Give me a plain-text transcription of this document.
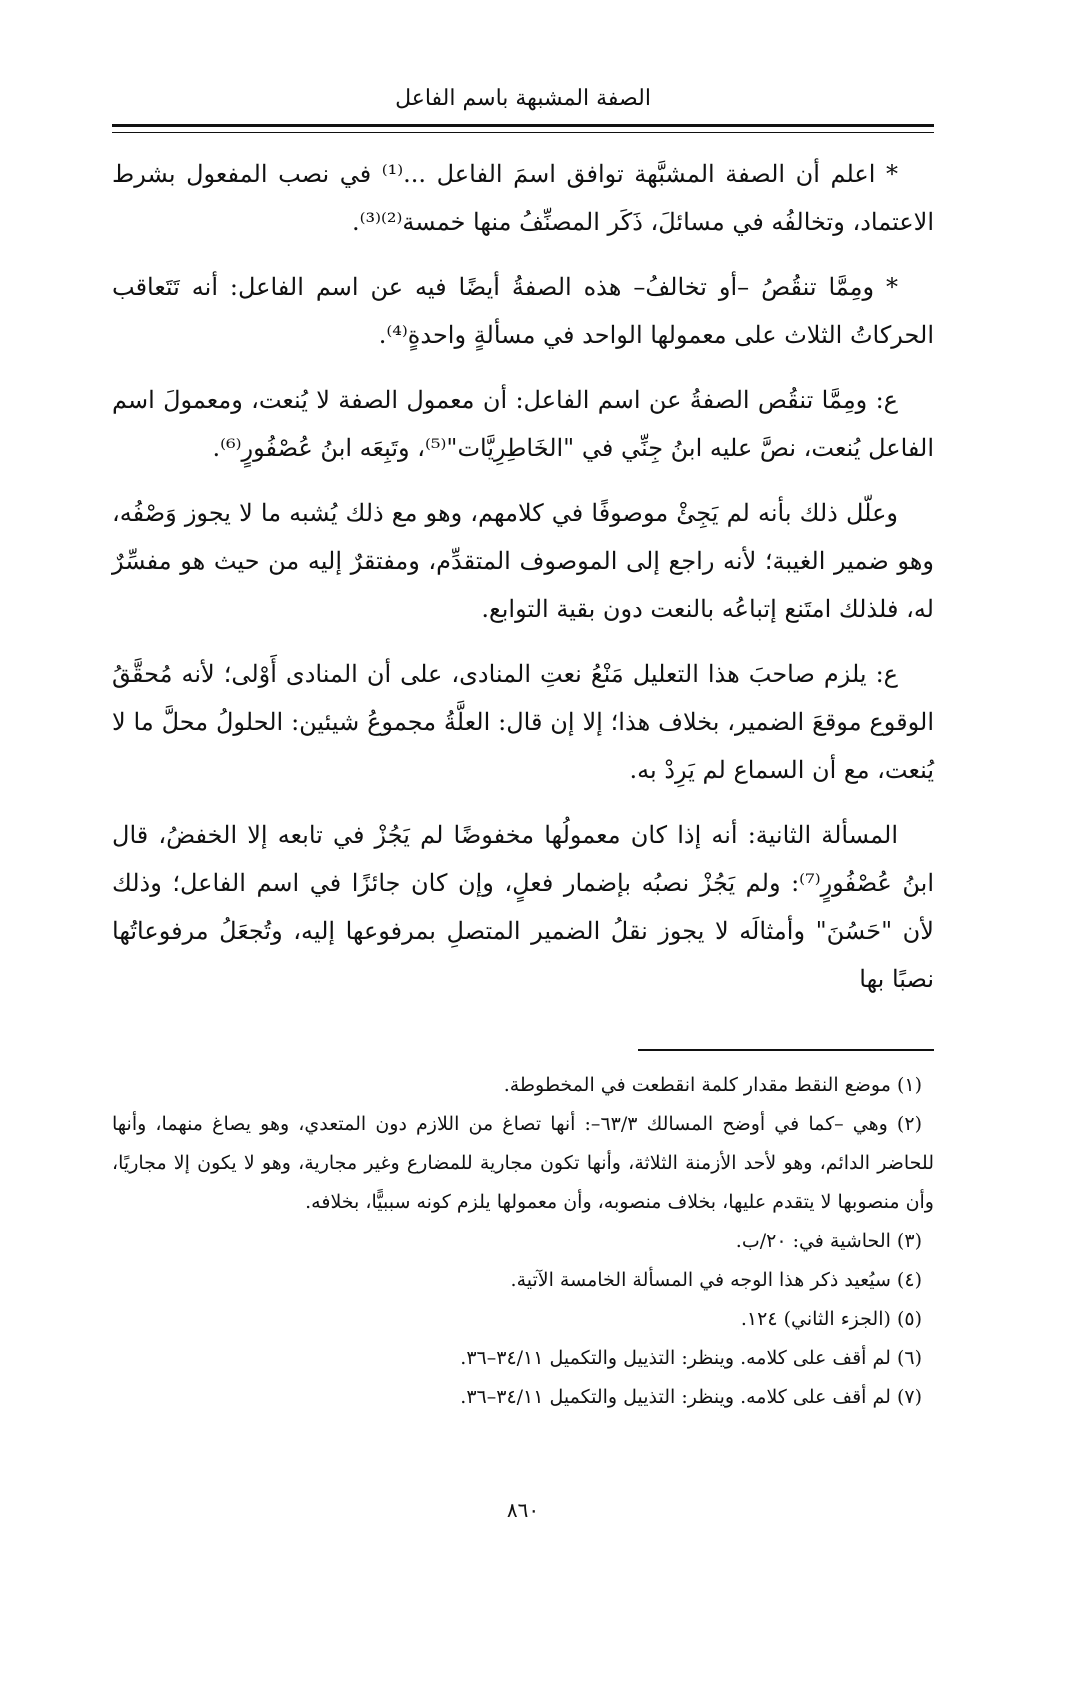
الصفة المشبهة باسم الفاعل

* اعلم أن الصفة المشبَّهة توافق اسمَ الفاعل ...⁽¹⁾ في نصب المفعول بشرط الاعتماد، وتخالفُه في مسائلَ، ذَكَر المصنِّفُ منها خمسة⁽²⁾⁽³⁾.

* ومِمَّا تنقُصُ –أو تخالفُ– هذه الصفةُ أيضًا فيه عن اسم الفاعل: أنه تَتَعاقب الحركاتُ الثلاث على معمولها الواحد في مسألةٍ واحدةٍ⁽⁴⁾.

ع: ومِمَّا تنقُص الصفةُ عن اسم الفاعل: أن معمول الصفة لا يُنعت، ومعمولَ اسم الفاعل يُنعت، نصَّ عليه ابنُ جِنِّي في "الخَاطِرِيَّات"⁽⁵⁾، وتَبِعَه ابنُ عُصْفُورٍ⁽⁶⁾.

وعلّل ذلك بأنه لم يَجِئْ موصوفًا في كلامهم، وهو مع ذلك يُشبه ما لا يجوز وَصْفُه، وهو ضمير الغيبة؛ لأنه راجع إلى الموصوف المتقدِّم، ومفتقرٌ إليه من حيث هو مفسِّرٌ له، فلذلك امتَنع إتباعُه بالنعت دون بقية التوابع.

ع: يلزم صاحبَ هذا التعليل مَنْعُ نعتِ المنادى، على أن المنادى أَوْلى؛ لأنه مُحقَّقُ الوقوع موقعَ الضمير، بخلاف هذا؛ إلا إن قال: العلَّةُ مجموعُ شيئين: الحلولُ محلَّ ما لا يُنعت، مع أن السماع لم يَرِدْ به.

المسألة الثانية: أنه إذا كان معمولُها مخفوضًا لم يَجُزْ في تابعه إلا الخفضُ، قال ابنُ عُصْفُورٍ⁽⁷⁾: ولم يَجُزْ نصبُه بإضمار فعلٍ، وإن كان جائزًا في اسم الفاعل؛ وذلك لأن "حَسُنَ" وأمثالَه لا يجوز نقلُ الضمير المتصلِ بمرفوعها إليه، وتُجعَلُ مرفوعاتُها نصبًا بها

(١) موضع النقط مقدار كلمة انقطعت في المخطوطة.

(٢) وهي –كما في أوضح المسالك ٦٣/٣–: أنها تصاغ من اللازم دون المتعدي، وهو يصاغ منهما، وأنها للحاضر الدائم، وهو لأحد الأزمنة الثلاثة، وأنها تكون مجارية للمضارع وغير مجارية، وهو لا يكون إلا مجاريًا، وأن منصوبها لا يتقدم عليها، بخلاف منصوبه، وأن معمولها يلزم كونه سببيًّا، بخلافه.

(٣) الحاشية في: ٢٠/ب.

(٤) سيُعيد ذكر هذا الوجه في المسألة الخامسة الآتية.

(٥) (الجزء الثاني) ١٢٤.

(٦) لم أقف على كلامه. وينظر: التذييل والتكميل ٣٤/١١–٣٦.

(٧) لم أقف على كلامه. وينظر: التذييل والتكميل ٣٤/١١–٣٦.

٨٦٠
